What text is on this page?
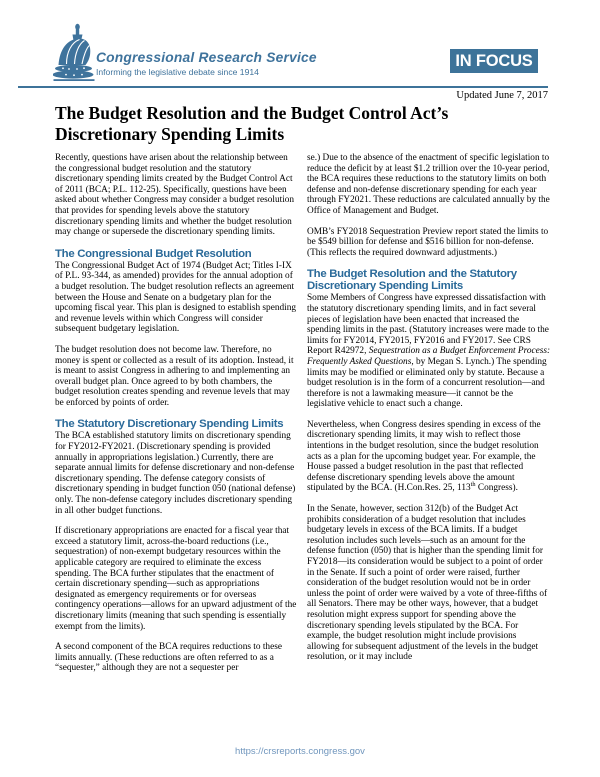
Congressional Research Service
Informing the legislative debate since 1914
IN FOCUS
Updated June 7, 2017
The Budget Resolution and the Budget Control Act’s
Discretionary Spending Limits

Recently, questions have arisen about the relationship between the congressional budget resolution and the statutory discretionary spending limits created by the Budget Control Act of 2011 (BCA; P.L. 112-25). Specifically, questions have been asked about whether Congress may consider a budget resolution that provides for spending levels above the statutory discretionary spending limits and whether the budget resolution may change or supersede the discretionary spending limits.

The Congressional Budget Resolution

The Congressional Budget Act of 1974 (Budget Act; Titles I-IX of P.L. 93-344, as amended) provides for the annual adoption of a budget resolution. The budget resolution reflects an agreement between the House and Senate on a budgetary plan for the upcoming fiscal year. This plan is designed to establish spending and revenue levels within which Congress will consider subsequent budgetary legislation.

The budget resolution does not become law. Therefore, no money is spent or collected as a result of its adoption. Instead, it is meant to assist Congress in adhering to and implementing an overall budget plan. Once agreed to by both chambers, the budget resolution creates spending and revenue levels that may be enforced by points of order.

The Statutory Discretionary Spending Limits

The BCA established statutory limits on discretionary spending for FY2012-FY2021. (Discretionary spending is provided annually in appropriations legislation.) Currently, there are separate annual limits for defense discretionary and non-defense discretionary spending. The defense category consists of discretionary spending in budget function 050 (national defense) only. The non-defense category includes discretionary spending in all other budget functions.

If discretionary appropriations are enacted for a fiscal year that exceed a statutory limit, across-the-board reductions (i.e., sequestration) of non-exempt budgetary resources within the applicable category are required to eliminate the excess spending. The BCA further stipulates that the enactment of certain discretionary spending—such as appropriations designated as emergency requirements or for overseas contingency operations—allows for an upward adjustment of the discretionary limits (meaning that such spending is essentially exempt from the limits).

A second component of the BCA requires reductions to these limits annually. (These reductions are often referred to as a “sequester,” although they are not a sequester per

se.) Due to the absence of the enactment of specific legislation to reduce the deficit by at least $1.2 trillion over the 10-year period, the BCA requires these reductions to the statutory limits on both defense and non-defense discretionary spending for each year through FY2021. These reductions are calculated annually by the Office of Management and Budget.

OMB’s FY2018 Sequestration Preview report stated the limits to be $549 billion for defense and $516 billion for non-defense. (This reflects the required downward adjustments.)

The Budget Resolution and the Statutory Discretionary Spending Limits

Some Members of Congress have expressed dissatisfaction with the statutory discretionary spending limits, and in fact several pieces of legislation have been enacted that increased the spending limits in the past. (Statutory increases were made to the limits for FY2014, FY2015, FY2016 and FY2017. See CRS Report R42972, Sequestration as a Budget Enforcement Process: Frequently Asked Questions, by Megan S. Lynch.) The spending limits may be modified or eliminated only by statute. Because a budget resolution is in the form of a concurrent resolution—and therefore is not a lawmaking measure—it cannot be the legislative vehicle to enact such a change.

Nevertheless, when Congress desires spending in excess of the discretionary spending limits, it may wish to reflect those intentions in the budget resolution, since the budget resolution acts as a plan for the upcoming budget year. For example, the House passed a budget resolution in the past that reflected defense discretionary spending levels above the amount stipulated by the BCA. (H.Con.Res. 25, 113th Congress).

In the Senate, however, section 312(b) of the Budget Act prohibits consideration of a budget resolution that includes budgetary levels in excess of the BCA limits. If a budget resolution includes such levels—such as an amount for the defense function (050) that is higher than the spending limit for FY2018—its consideration would be subject to a point of order in the Senate. If such a point of order were raised, further consideration of the budget resolution would not be in order unless the point of order were waived by a vote of three-fifths of all Senators. There may be other ways, however, that a budget resolution might express support for spending above the discretionary spending levels stipulated by the BCA. For example, the budget resolution might include provisions allowing for subsequent adjustment of the levels in the budget resolution, or it may include

https://crsreports.congress.gov
